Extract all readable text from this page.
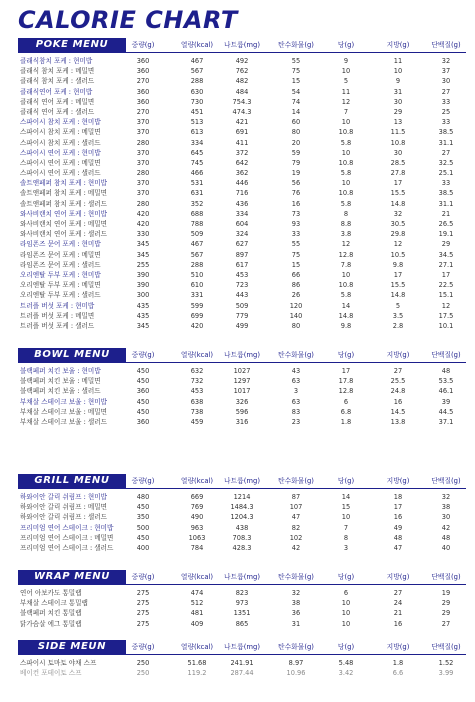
CALORIE CHART
POKE MENU	중량(g)	열량(kcal) 나트륨(mg)	탄수화물(g)	당(g)	지방(g)	단백질(g)
클래식참치 포케 : 현미밥	360	467	492	55	9	11	32
클래식 참치 포케 : 메밀면	360	567	762	75	10	10	37
클래식 참치 포케 : 샐러드	270	288	482	15	5	9	30
클래식연어 포케 : 현미밥	360	630	484	54	11	31	27
클래식 연어 포케 : 메밀면	360	730	754.3	74	12	30	33
클래식 연어 포케 : 샐러드	270	451	474.3	14	7	29	25
스파이시 참치 포케 : 현미밥	370	513	421	60	10	13	33
스파이시 참치 포케 : 메밀면	370	613	691	80	10.8	11.5	38.5
스파이시 참치 포케 : 샐러드	280	334	411	20	5.8	10.8	31.1
스파이시 연어 포케 : 현미밥	370	645	372	59	10	30	27
스파이시 연어 포케 : 메밀면	370	745	642	79	10.8	28.5	32.5
스파이시 연어 포케 : 샐러드	280	466	362	19	5.8	27.8	25.1
솔트앤페퍼 참치 포케 : 현미밥	370	531	446	56	10	17	33
솔트앤페퍼 참치 포케 : 메밀면	370	631	716	76	10.8	15.5	38.5
솔트앤페퍼 참치 포케 : 샐러드	280	352	436	16	5.8	14.8	31.1
와사비랜치 연어 포케 : 현미밥	420	688	334	73	8	32	21
와사비랜치 연어 포케 : 메밀면	420	788	604	93	8.8	30.5	26.5
와사비랜치 연어 포케 : 샐러드	330	509	324	33	3.8	29.8	19.1
라임폰즈 문어 포케 : 현미밥	345	467	627	55	12	12	29
라임폰즈 문어 포케 : 메밀면	345	567	897	75	12.8	10.5	34.5
라임폰즈 문어 포케 : 샐러드	255	288	617	15	7.8	9.8	27.1
오리엔탈 두부 포케 : 현미밥	390	510	453	66	10	17	17
오리엔탈 두부 포케 : 메밀면	390	610	723	86	10.8	15.5	22.5
오리엔탈 두부 포케 : 샐러드	300	331	443	26	5.8	14.8	15.1
트러플 버섯 포케 : 현미밥	435	599	509	120	14	5	12
트러플 버섯 포케 : 메밀면	435	699	779	140	14.8	3.5	17.5
트러플 버섯 포케 : 샐러드	345	420	499	80	9.8	2.8	10.1
BOWL MENU	중량(g)	열량(kcal) 나트륨(mg)	탄수화물(g)	당(g)	지방(g)	단백질(g)
블랙페퍼 치킨 보울 : 현미밥	450	632	1027	43	17	27	48
블랙페퍼 치킨 보울 : 메밀면	450	732	1297	63	17.8	25.5	53.5
블랙페퍼 치킨 보울 : 샐러드	360	453	1017	3	12.8	24.8	46.1
부채살 스테이크 보울 : 현미밥	450	638	326	63	6	16	39
부채살 스테이크 보울 : 메밀면	450	738	596	83	6.8	14.5	44.5
부채살 스테이크 보울 : 샐러드	360	459	316	23	1.8	13.8	37.1
GRILL MENU	중량(g)	열량(kcal) 나트륨(mg)	탄수화물(g)	당(g)	지방(g)	단백질(g)
하와이안 갈릭 쉬림프 : 현미밥	480	669	1214	87	14	18	32
하와이안 갈릭 쉬림프 : 메밀면	450	769	1484.3	107	15	17	38
하와이안 갈릭 쉬림프 : 샐러드	350	490	1204.3	47	10	16	30
프리미엄 연어 스테이크 : 현미밥	500	963	438	82	7	49	42
프리미엄 연어 스테이크 : 메밀면	450	1063	708.3	102	8	48	48
프리미엄 연어 스테이크 : 샐러드	400	784	428.3	42	3	47	40
WRAP MENU	중량(g)	열량(kcal) 나트륨(mg)	탄수화물(g)	당(g)	지방(g)	단백질(g)
연어 아보카도 통밀랩	275	474	823	32	6	27	19
부채살 스테이크 통밀랩	275	512	973	38	10	24	29
블랙페퍼 치킨 통밀랩	275	481	1351	36	10	21	29
닭가슴살 에그 통밀랩	275	409	865	31	10	16	27
SIDE MEUN	중량(g)	열량(kcal) 나트륨(mg)	탄수화물(g)	당(g)	지방(g)	단백질(g)
스파이시 토마토 야채 스프	250	51.68	241.91	8.97	5.48	1.8	1.52
베이컨 포테이토 스프	250	119.2	287.44	10.96	3.42	6.6	3.99
